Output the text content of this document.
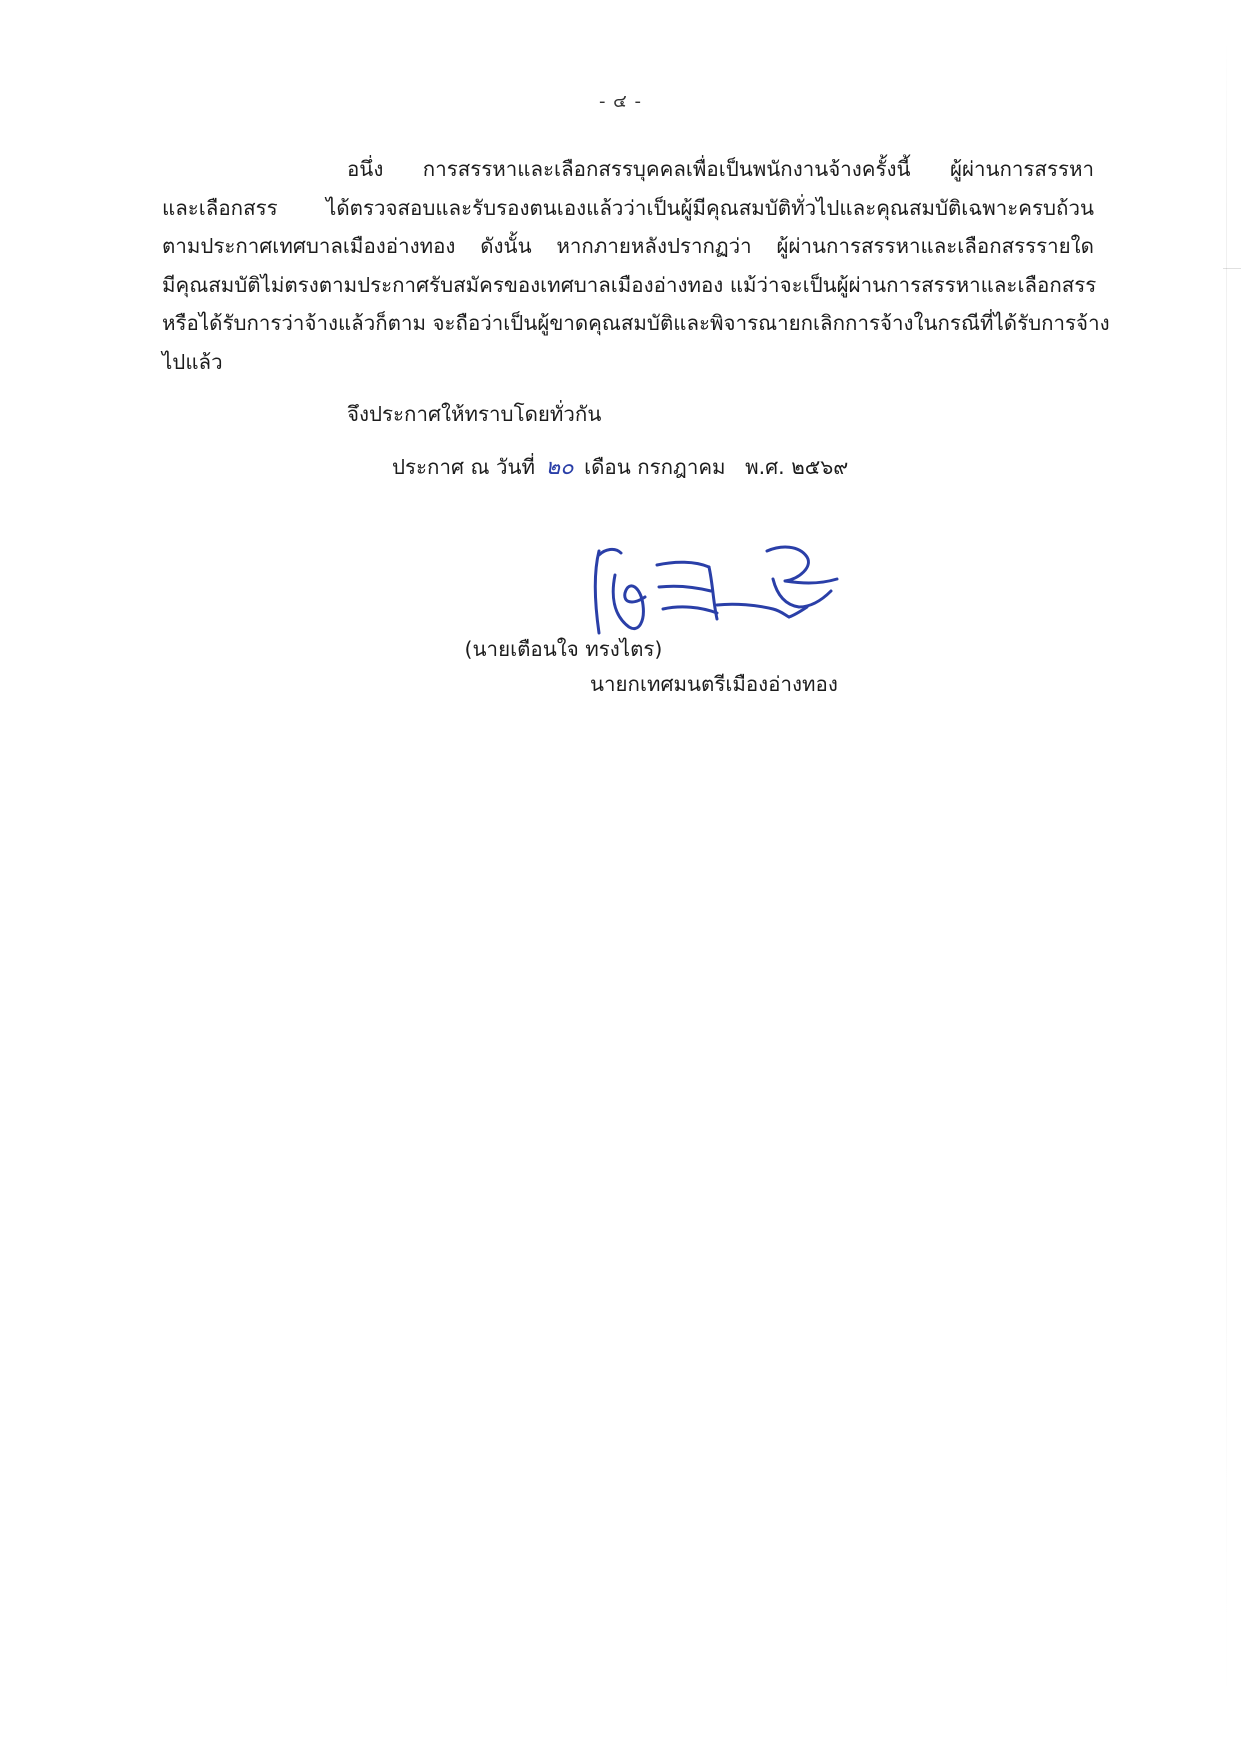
- ๔ -
อนึ่ง การสรรหาและเลือกสรรบุคคลเพื่อเป็นพนักงานจ้างครั้งนี้ ผู้ผ่านการสรรหา
และเลือกสรร ได้ตรวจสอบและรับรองตนเองแล้วว่าเป็นผู้มีคุณสมบัติทั่วไปและคุณสมบัติเฉพาะครบถ้วน
ตามประกาศเทศบาลเมืองอ่างทอง ดังนั้น หากภายหลังปรากฏว่า ผู้ผ่านการสรรหาและเลือกสรรรายใด
มีคุณสมบัติไม่ตรงตามประกาศรับสมัครของเทศบาลเมืองอ่างทอง แม้ว่าจะเป็นผู้ผ่านการสรรหาและเลือกสรร
หรือได้รับการว่าจ้างแล้วก็ตาม จะถือว่าเป็นผู้ขาดคุณสมบัติและพิจารณายกเลิกการจ้างในกรณีที่ได้รับการจ้าง
ไปแล้ว
จึงประกาศให้ทราบโดยทั่วกัน
ประกาศ ณ วันที่ ๒๐ เดือน กรกฎาคม พ.ศ. ๒๕๖๙
(นายเตือนใจ ทรงไตร)
นายกเทศมนตรีเมืองอ่างทอง
